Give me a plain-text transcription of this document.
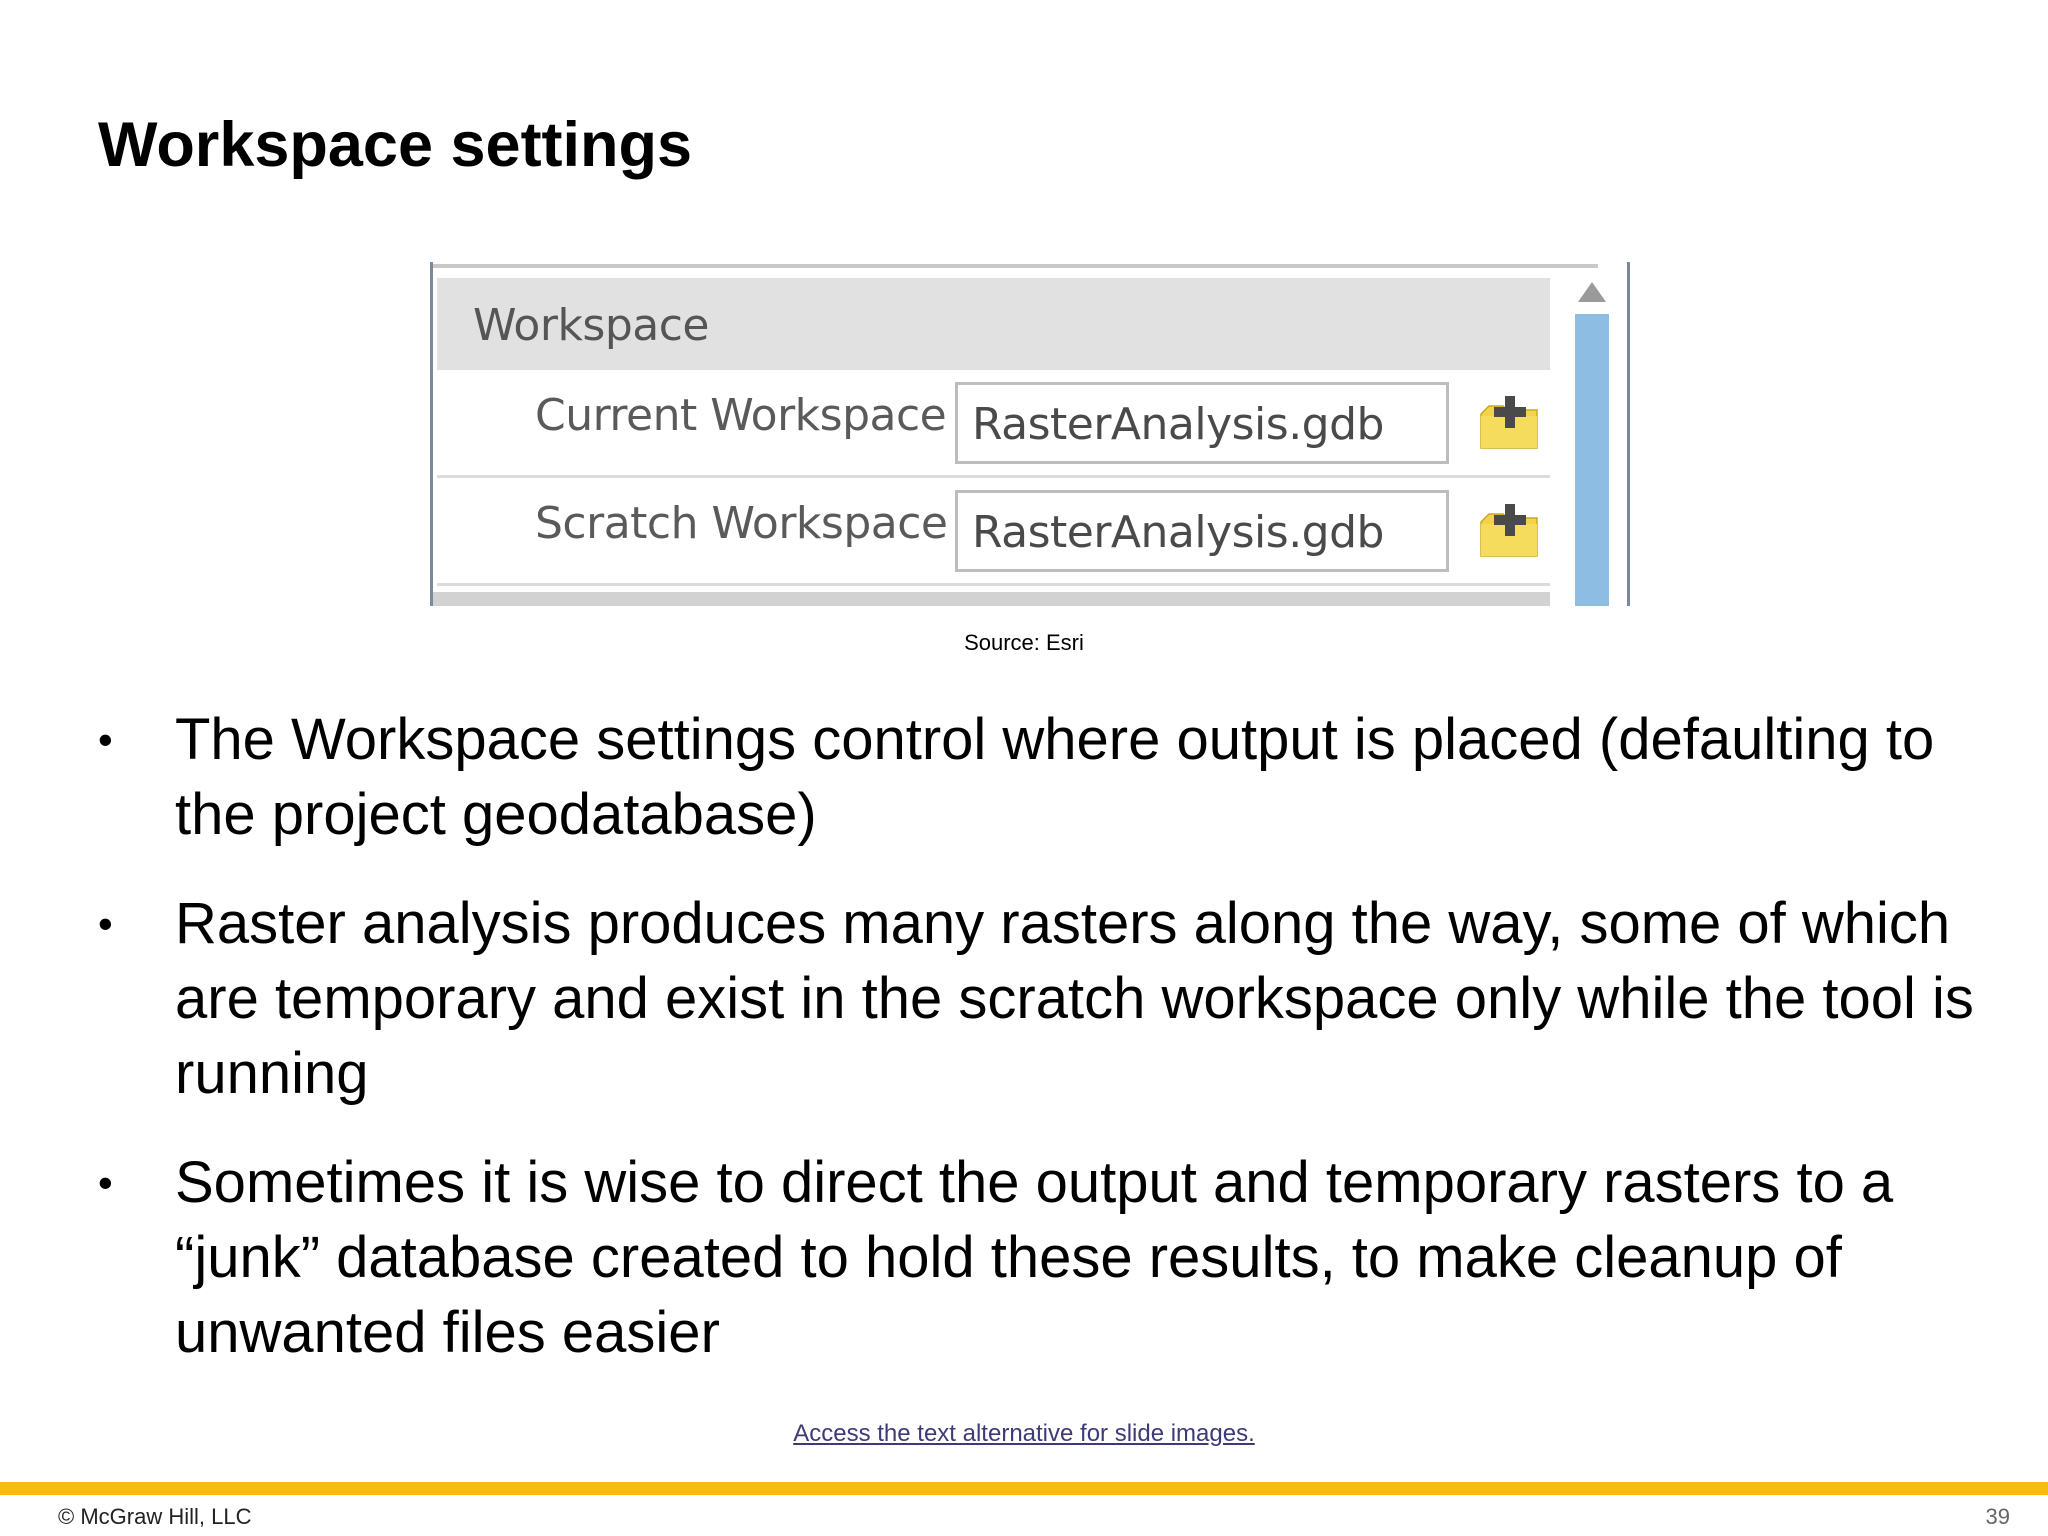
Workspace settings
Workspace
Current Workspace RasterAnalysis.gdb
Scratch Workspace RasterAnalysis.gdb
Source: Esri
• The Workspace settings control where output is placed (defaulting to the project geodatabase)
• Raster analysis produces many rasters along the way, some of which are temporary and exist in the scratch workspace only while the tool is running
• Sometimes it is wise to direct the output and temporary rasters to a “junk” database created to hold these results, to make cleanup of unwanted files easier
Access the text alternative for slide images.
© McGraw Hill, LLC	39
